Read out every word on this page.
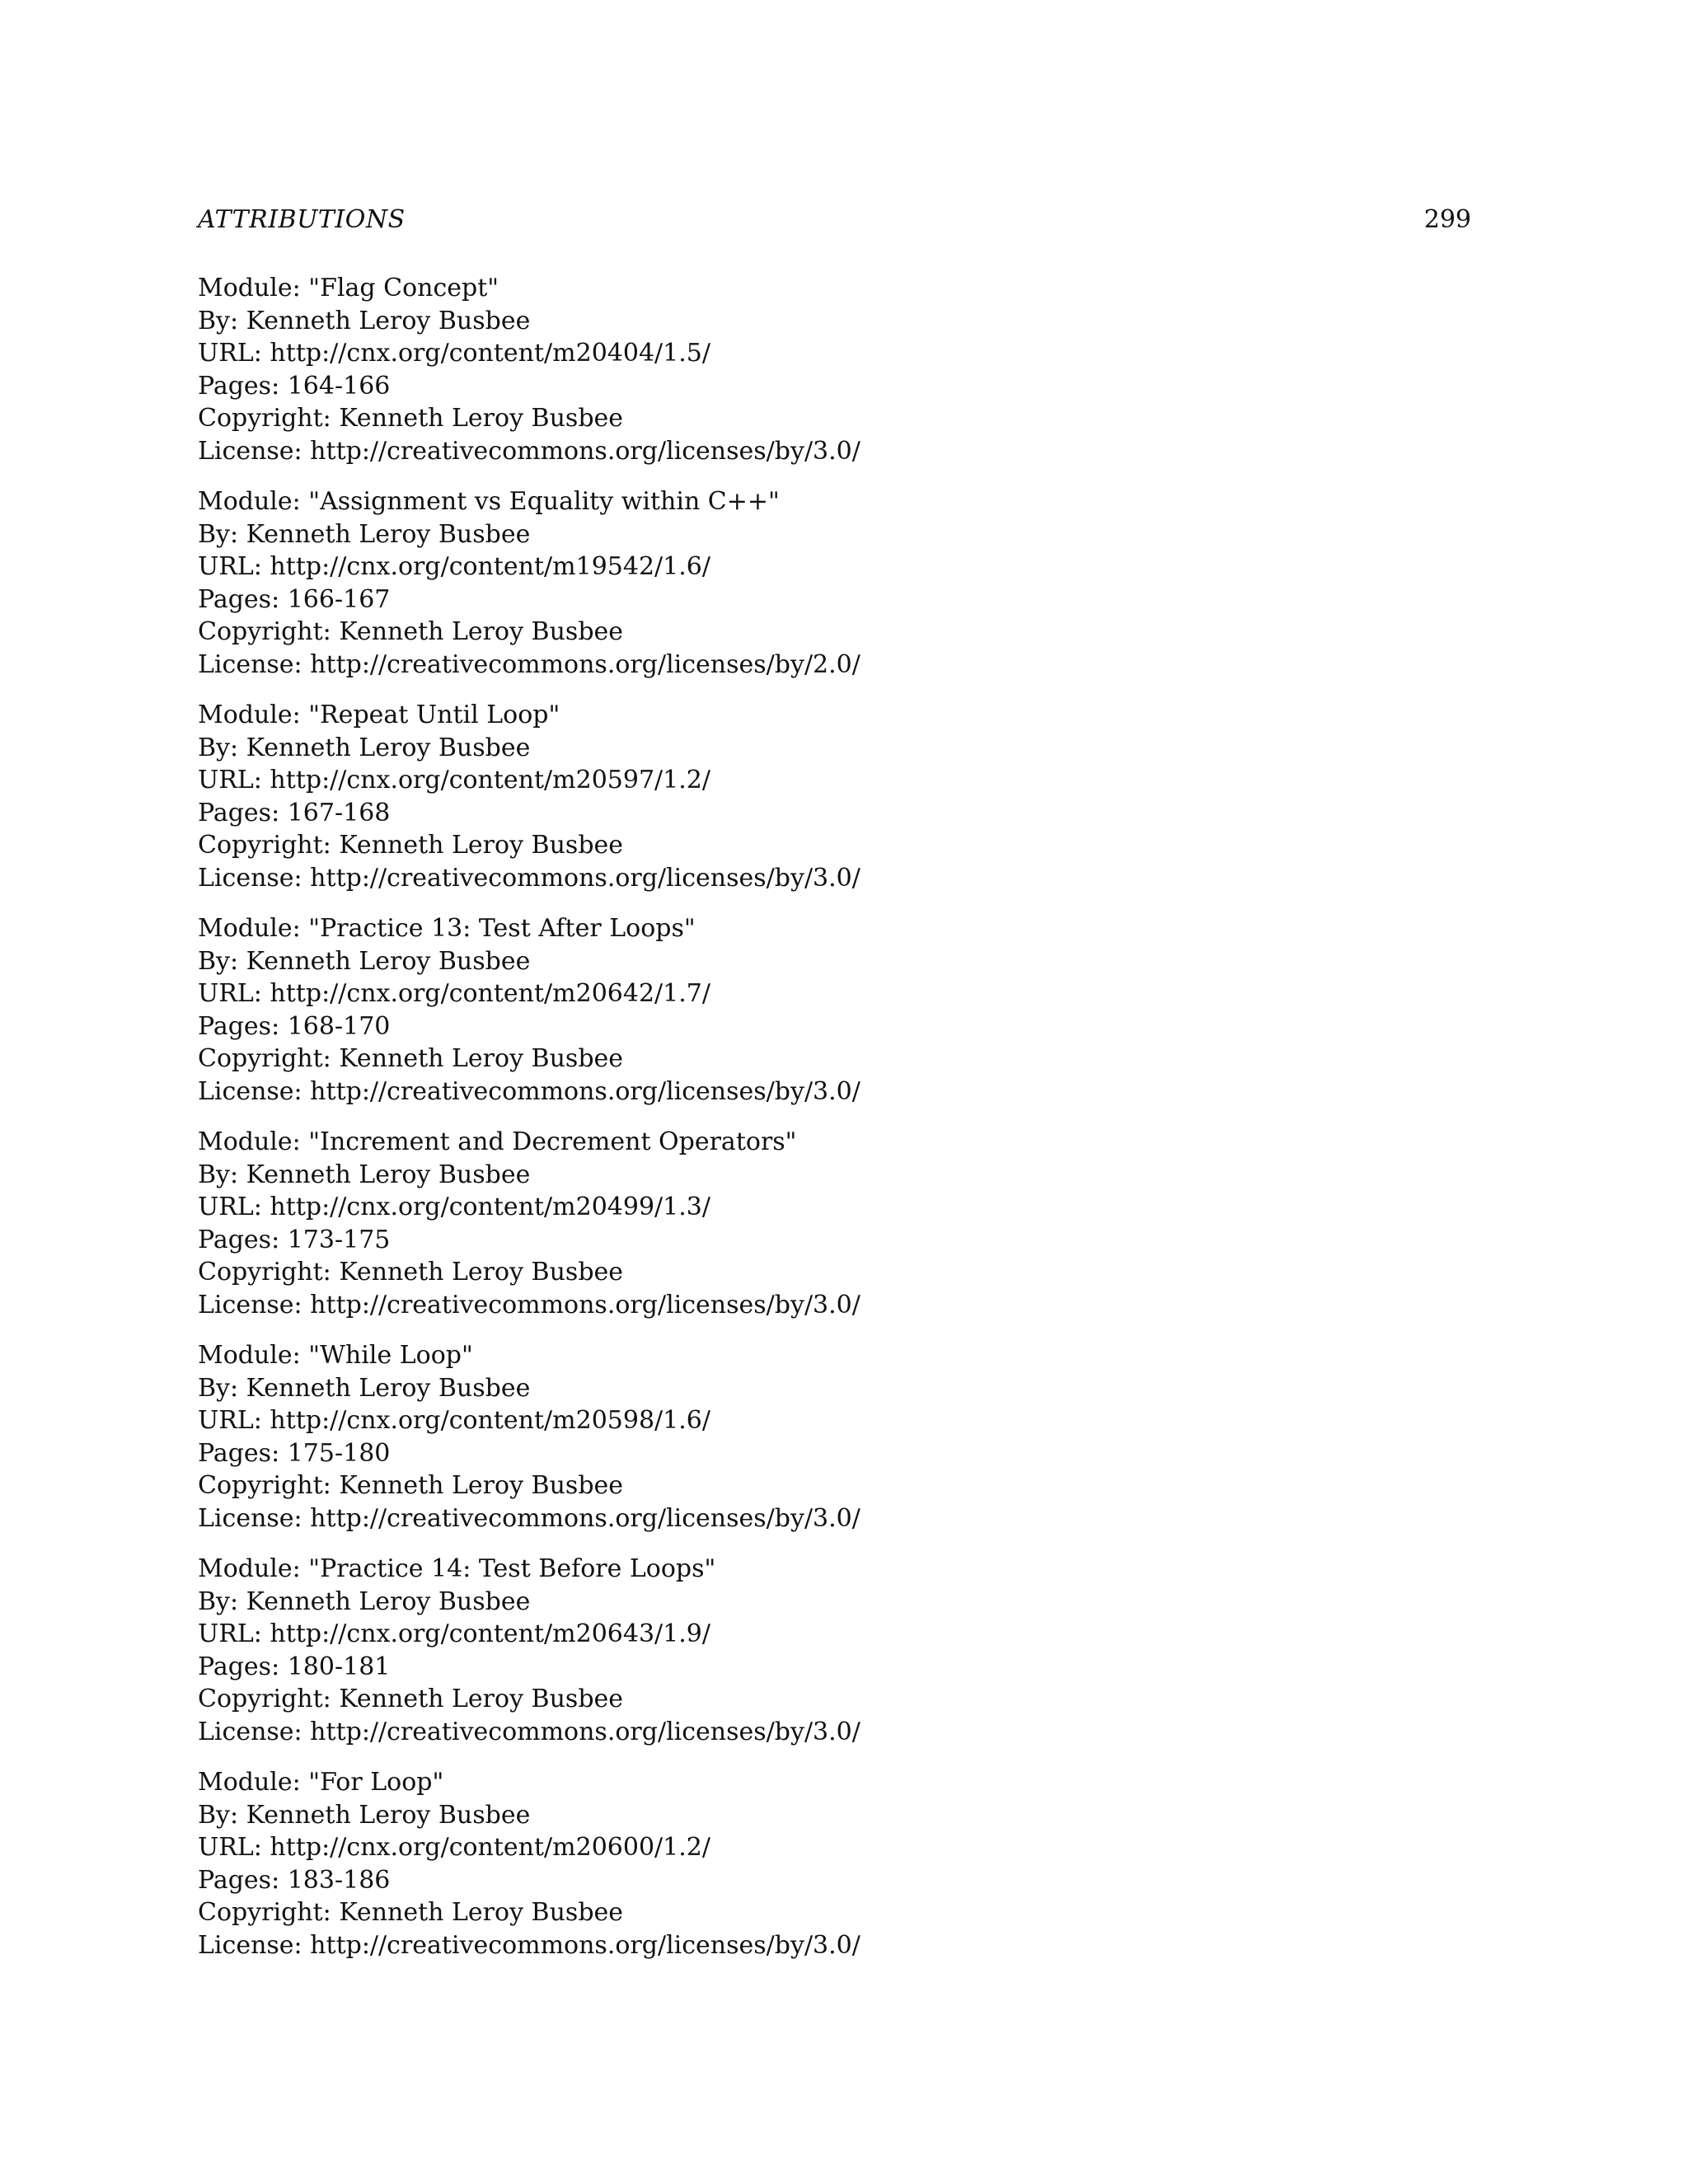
ATTRIBUTIONS	299
Module: "Flag Concept"
By: Kenneth Leroy Busbee
URL: http://cnx.org/content/m20404/1.5/
Pages: 164-166
Copyright: Kenneth Leroy Busbee
License: http://creativecommons.org/licenses/by/3.0/
Module: "Assignment vs Equality within C++"
By: Kenneth Leroy Busbee
URL: http://cnx.org/content/m19542/1.6/
Pages: 166-167
Copyright: Kenneth Leroy Busbee
License: http://creativecommons.org/licenses/by/2.0/
Module: "Repeat Until Loop"
By: Kenneth Leroy Busbee
URL: http://cnx.org/content/m20597/1.2/
Pages: 167-168
Copyright: Kenneth Leroy Busbee
License: http://creativecommons.org/licenses/by/3.0/
Module: "Practice 13: Test After Loops"
By: Kenneth Leroy Busbee
URL: http://cnx.org/content/m20642/1.7/
Pages: 168-170
Copyright: Kenneth Leroy Busbee
License: http://creativecommons.org/licenses/by/3.0/
Module: "Increment and Decrement Operators"
By: Kenneth Leroy Busbee
URL: http://cnx.org/content/m20499/1.3/
Pages: 173-175
Copyright: Kenneth Leroy Busbee
License: http://creativecommons.org/licenses/by/3.0/
Module: "While Loop"
By: Kenneth Leroy Busbee
URL: http://cnx.org/content/m20598/1.6/
Pages: 175-180
Copyright: Kenneth Leroy Busbee
License: http://creativecommons.org/licenses/by/3.0/
Module: "Practice 14: Test Before Loops"
By: Kenneth Leroy Busbee
URL: http://cnx.org/content/m20643/1.9/
Pages: 180-181
Copyright: Kenneth Leroy Busbee
License: http://creativecommons.org/licenses/by/3.0/
Module: "For Loop"
By: Kenneth Leroy Busbee
URL: http://cnx.org/content/m20600/1.2/
Pages: 183-186
Copyright: Kenneth Leroy Busbee
License: http://creativecommons.org/licenses/by/3.0/
